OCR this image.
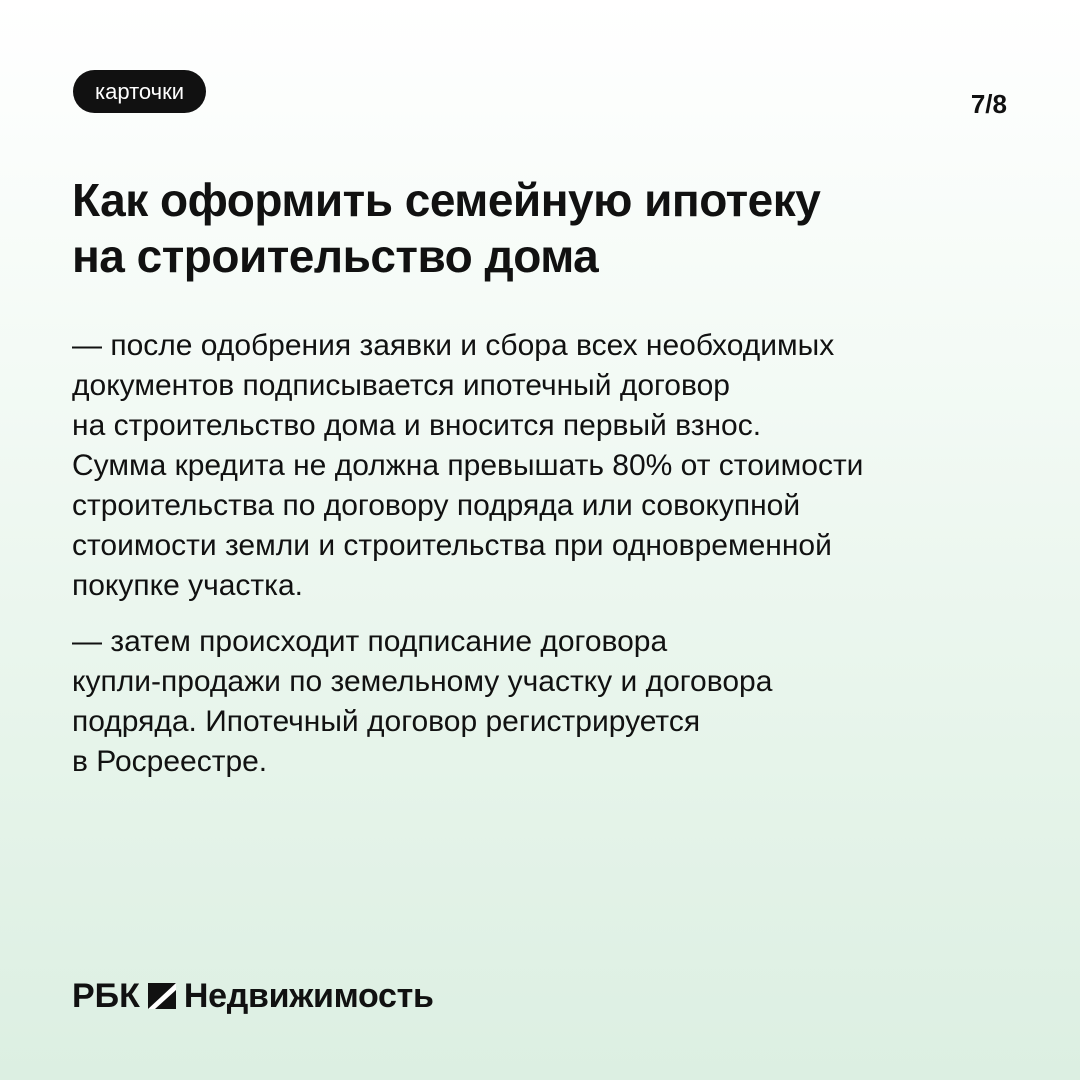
карточки	7/8
Как оформить семейную ипотеку
на строительство дома

— после одобрения заявки и сбора всех необходимых
документов подписывается ипотечный договор
на строительство дома и вносится первый взнос.
Сумма кредита не должна превышать 80% от стоимости
строительства по договору подряда или совокупной
стоимости земли и строительства при одновременной
покупке участка.

— затем происходит подписание договора
купли-продажи по земельному участку и договора
подряда. Ипотечный договор регистрируется
в Росреестре.

РБК Недвижимость
